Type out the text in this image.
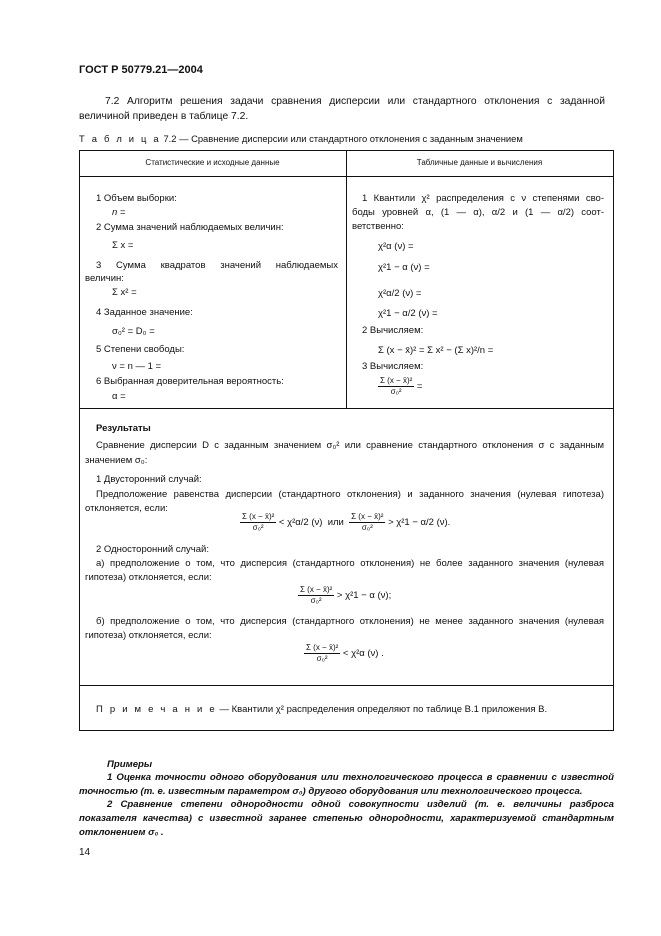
ГОСТ Р 50779.21—2004
7.2 Алгоритм решения задачи сравнения дисперсии или стандартного отклонения с заданной величиной приведен в таблице 7.2.
Т а б л и ц а 7.2 — Сравнение дисперсии или стандартного отклонения с заданным значением
Статистические и исходные данные	Табличные данные и вычисления
1 Объем выборки:
n =
2 Сумма значений наблюдаемых величин:
Σ x =
3 Сумма квадратов значений наблюдаемых
величин:
Σ x² =
4 Заданное значение:
σ₀² = D₀ =
5 Степени свободы:
ν = n — 1 =
6 Выбранная доверительная вероятность:
α =
1 Квантили χ² распределения с ν степенями сво-
боды уровней α, (1 — α), α/2 и (1 — α/2) соот-
ветственно:
χ²α (ν) =
χ²1 − α (ν) =
χ²α/2 (ν) =
χ²1 − α/2 (ν) =
2 Вычисляем:
Σ (x − x̄)² = Σ x² − (Σ x)²/n =
3 Вычисляем:
$\frac{\text{Σ (x − x̄)²}}{\text{σ₀²}}$ =
Результаты
Сравнение дисперсии D с заданным значением σ₀² или сравнение стандартного отклонения σ с заданным значением σ₀:
1 Двусторонний случай:
Предположение равенства дисперсии (стандартного отклонения) и заданного значения (нулевая гипотеза) отклоняется, если:
$\frac{\text{Σ (x − x̄)²}}{\text{σ₀²}} < \chi^2\alpha/2$ (ν) или $\frac{\text{Σ (x − x̄)²}}{\text{σ₀²}} > \chi^21 - \alpha/2$ (ν).
2 Односторонний случай:
а) предположение о том, что дисперсия (стандартного отклонения) не более заданного значения (нулевая гипотеза) отклоняется, если:
$\frac{\text{Σ (x − x̄)²}}{\text{σ₀²}} > \chi^21 - \alpha$ (ν);
б) предположение о том, что дисперсия (стандартного отклонения) не менее заданного значения (нулевая гипотеза) отклоняется, если:
$\frac{\text{Σ (x − x̄)²}}{\text{σ₀²}} < \chi^2\alpha$ (ν) .
П р и м е ч а н и е — Квантили χ² распределения определяют по таблице В.1 приложения В.
Примеры
1 Оценка точности одного оборудования или технологического процесса в сравнении с известной точностью (т. е. известным параметром σ₀) другого оборудования или технологического процесса.
2 Сравнение степени однородности одной совокупности изделий (т. е. величины разброса показателя качества) с известной заранее степенью однородности, характеризуемой стандартным отклонением σ₀ .
14
